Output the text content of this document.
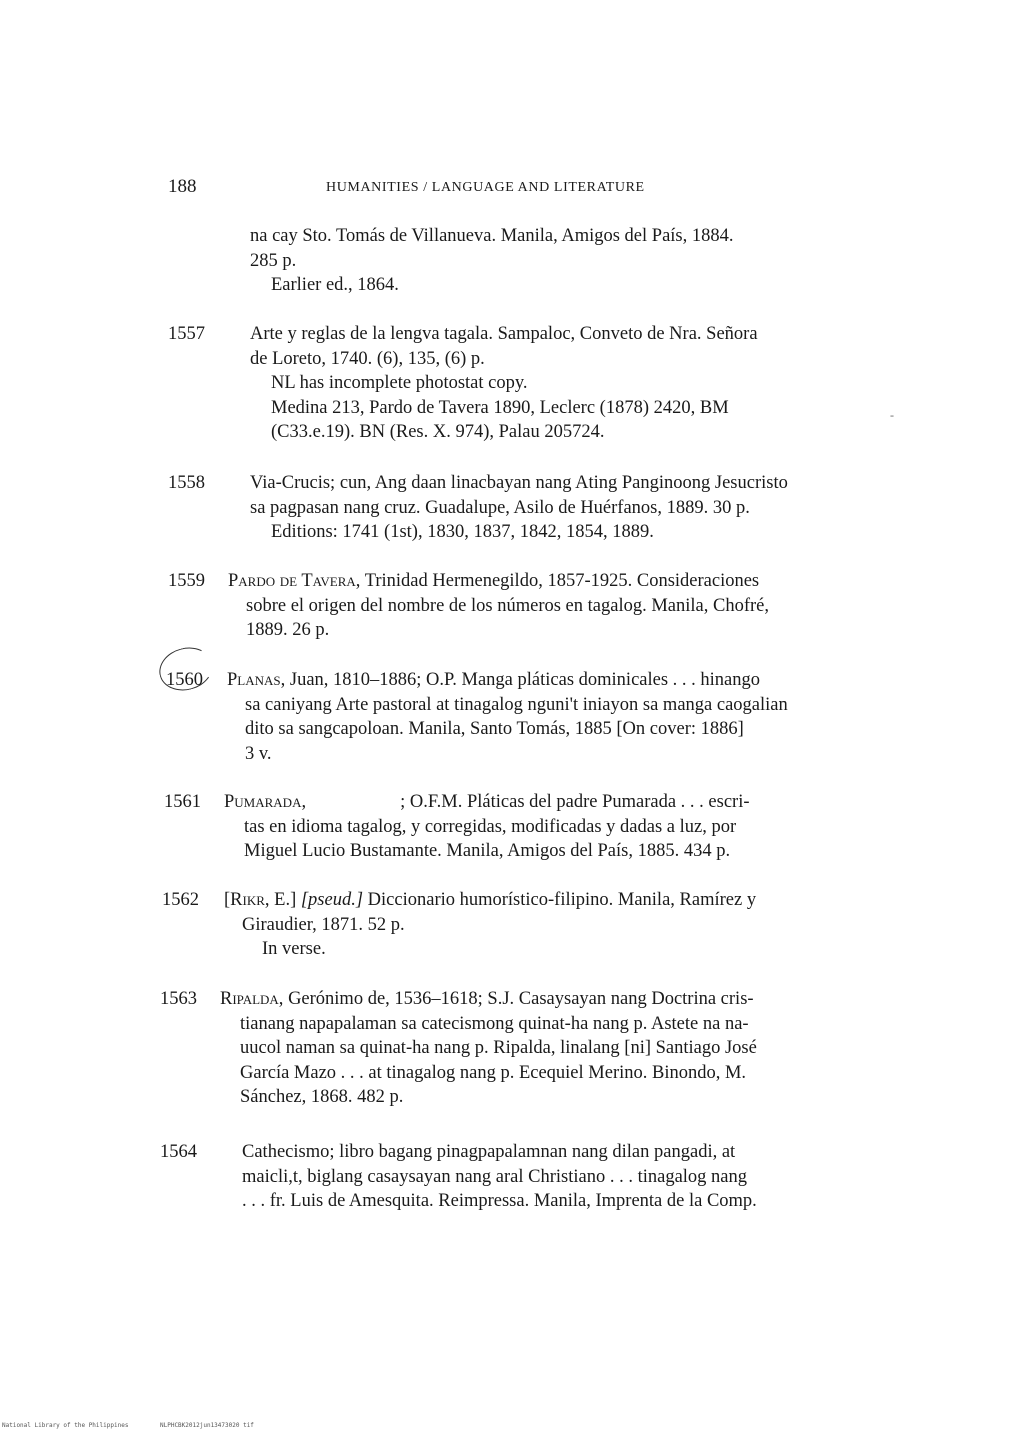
188	HUMANITIES / LANGUAGE AND LITERATURE
na cay Sto. Tomás de Villanueva. Manila, Amigos del País, 1884.
285 p.
Earlier ed., 1864.
1557 Arte y reglas de la lengva tagala. Sampaloc, Conveto de Nra. Señora
de Loreto, 1740. (6), 135, (6) p.
NL has incomplete photostat copy.
Medina 213, Pardo de Tavera 1890, Leclerc (1878) 2420, BM
(C33.e.19). BN (Res. X. 974), Palau 205724.
1558 Via-Crucis; cun, Ang daan linacbayan nang Ating Panginoong Jesucristo
sa pagpasan nang cruz. Guadalupe, Asilo de Huérfanos, 1889. 30 p.
Editions: 1741 (1st), 1830, 1837, 1842, 1854, 1889.
1559 Pardo de Tavera, Trinidad Hermenegildo, 1857-1925. Consideraciones
sobre el origen del nombre de los números en tagalog. Manila, Chofré,
1889. 26 p.
1560 Planas, Juan, 1810–1886; O.P. Manga pláticas dominicales . . . hinango
sa caniyang Arte pastoral at tinagalog nguni't iniayon sa manga caogalian
dito sa sangcapoloan. Manila, Santo Tomás, 1885 [On cover: 1886]
3 v.
1561 Pumarada,	; O.F.M. Pláticas del padre Pumarada . . . escri-
tas en idioma tagalog, y corregidas, modificadas y dadas a luz, por
Miguel Lucio Bustamante. Manila, Amigos del País, 1885. 434 p.
1562 [Rikr, E.] [pseud.] Diccionario humorístico-filipino. Manila, Ramírez y
Giraudier, 1871. 52 p.
In verse.
1563 Ripalda, Gerónimo de, 1536–1618; S.J. Casaysayan nang Doctrina cris-
tianang napapalaman sa catecismong quinat-ha nang p. Astete na na-
uucol naman sa quinat-ha nang p. Ripalda, linalang [ni] Santiago José
García Mazo . . . at tinagalog nang p. Ecequiel Merino. Binondo, M.
Sánchez, 1868. 482 p.
1564 Cathecismo; libro bagang pinagpapalamnan nang dilan pangadi, at
maicli,t, biglang casaysayan nang aral Christiano . . . tinagalog nang
. . . fr. Luis de Amesquita. Reimpressa. Manila, Imprenta de la Comp.
-
National Library of the Philippines	NLPHCBK2012jun13473020 tif
